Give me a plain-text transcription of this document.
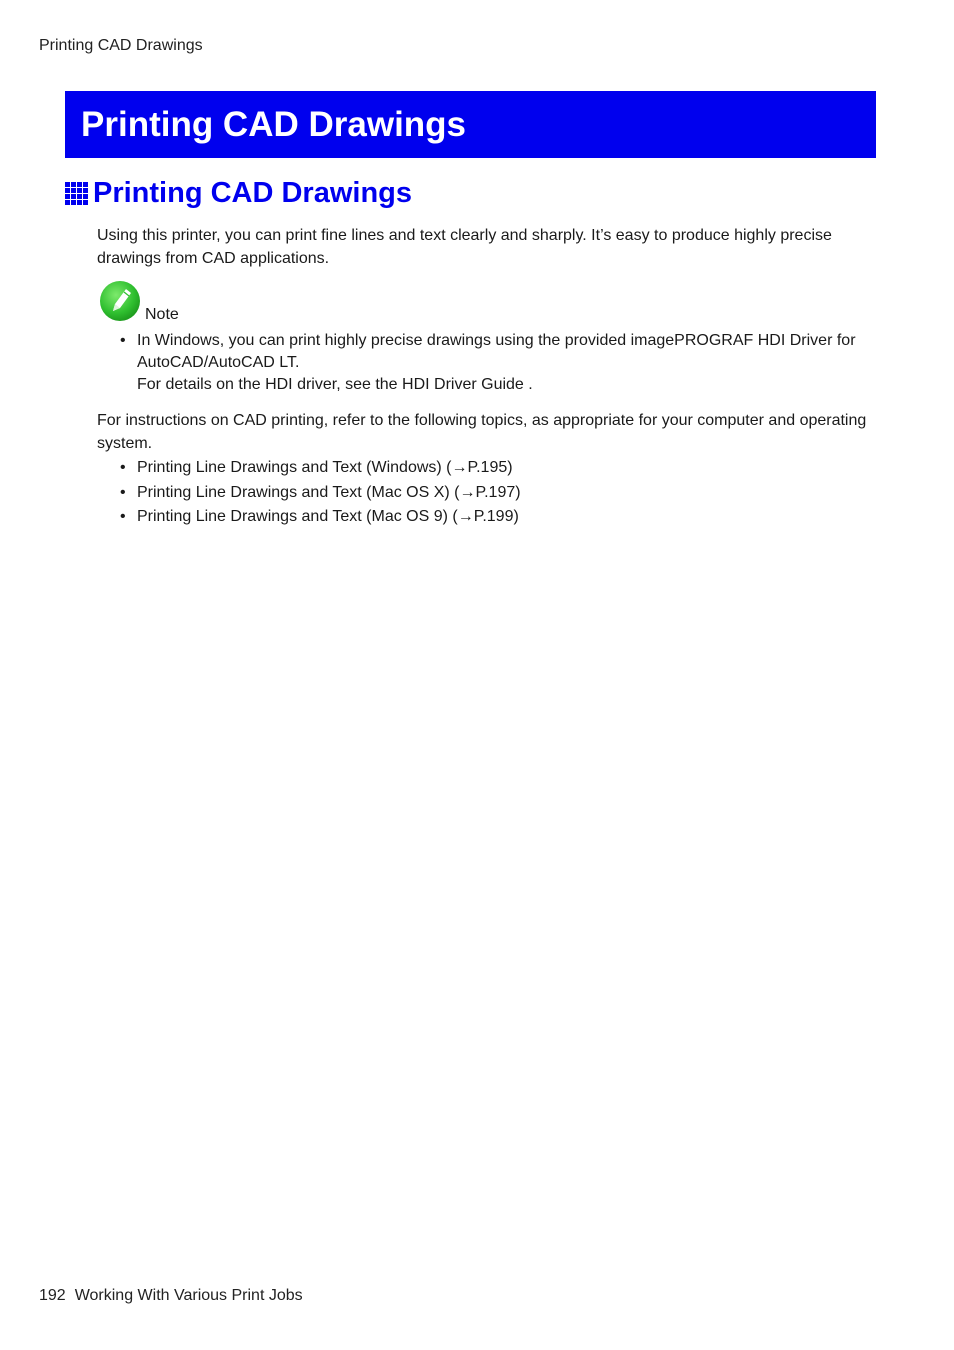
Printing CAD Drawings
Printing CAD Drawings
Printing CAD Drawings

Using this printer, you can print fine lines and text clearly and sharply. It’s easy to produce highly precise drawings from CAD applications.

Note
• In Windows, you can print highly precise drawings using the provided imagePROGRAF HDI Driver for AutoCAD/AutoCAD LT.
For details on the HDI driver, see the HDI Driver Guide .

For instructions on CAD printing, refer to the following topics, as appropriate for your computer and operating system.

• Printing Line Drawings and Text (Windows) (→P.195)
• Printing Line Drawings and Text (Mac OS X) (→P.197)
• Printing Line Drawings and Text (Mac OS 9) (→P.199)
192 Working With Various Print Jobs
